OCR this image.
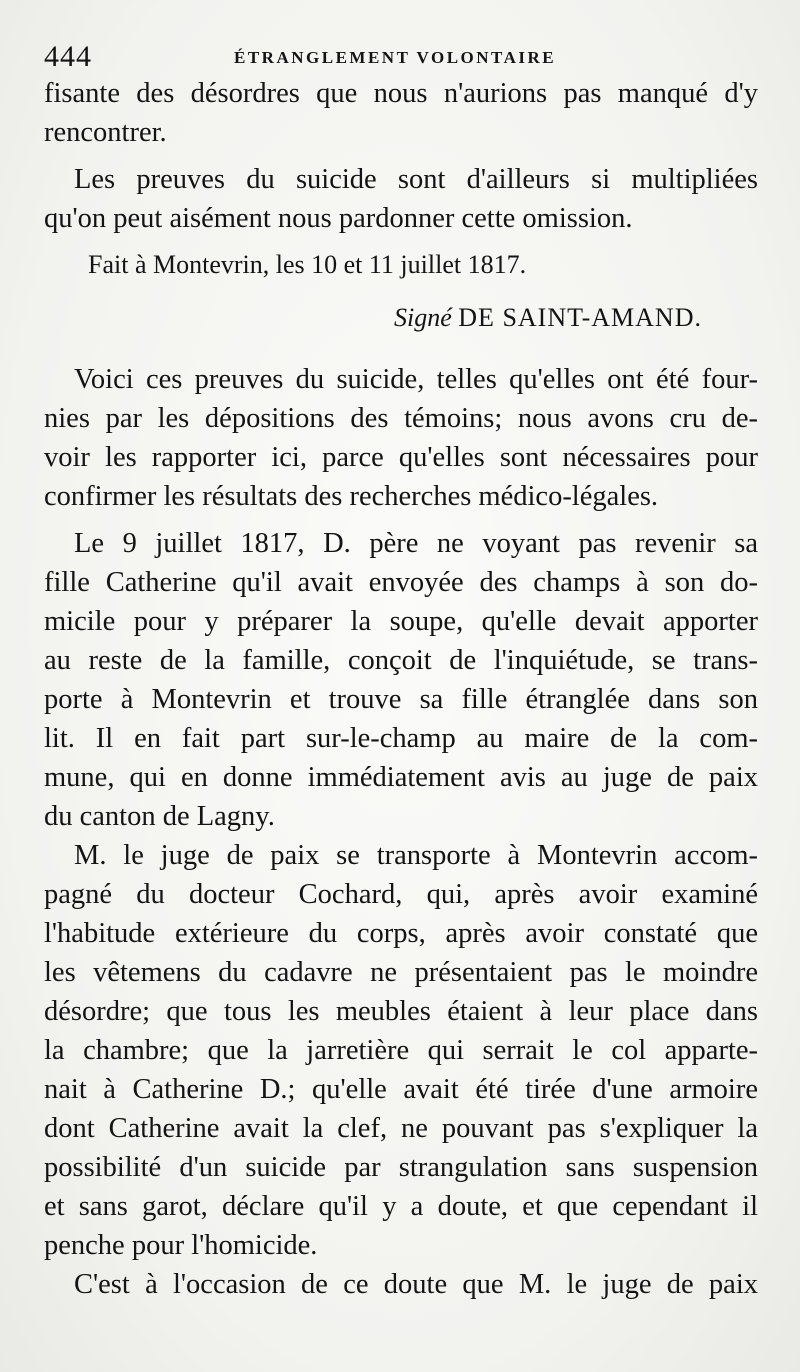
444	ÉTRANGLEMENT VOLONTAIRE
fisante des désordres que nous n'aurions pas manqué d'y
rencontrer.
Les preuves du suicide sont d'ailleurs si multipliées
qu'on peut aisément nous pardonner cette omission.
Fait à Montevrin, les 10 et 11 juillet 1817.
Signé DE SAINT-AMAND.
Voici ces preuves du suicide, telles qu'elles ont été four-
nies par les dépositions des témoins; nous avons cru de-
voir les rapporter ici, parce qu'elles sont nécessaires pour
confirmer les résultats des recherches médico-légales.
Le 9 juillet 1817, D. père ne voyant pas revenir sa
fille Catherine qu'il avait envoyée des champs à son do-
micile pour y préparer la soupe, qu'elle devait apporter
au reste de la famille, conçoit de l'inquiétude, se trans-
porte à Montevrin et trouve sa fille étranglée dans son
lit. Il en fait part sur-le-champ au maire de la com-
mune, qui en donne immédiatement avis au juge de paix
du canton de Lagny.
M. le juge de paix se transporte à Montevrin accom-
pagné du docteur Cochard, qui, après avoir examiné
l'habitude extérieure du corps, après avoir constaté que
les vêtemens du cadavre ne présentaient pas le moindre
désordre; que tous les meubles étaient à leur place dans
la chambre; que la jarretière qui serrait le col apparte-
nait à Catherine D.; qu'elle avait été tirée d'une armoire
dont Catherine avait la clef, ne pouvant pas s'expliquer la
possibilité d'un suicide par strangulation sans suspension
et sans garot, déclare qu'il y a doute, et que cependant il
penche pour l'homicide.
C'est à l'occasion de ce doute que M. le juge de paix
